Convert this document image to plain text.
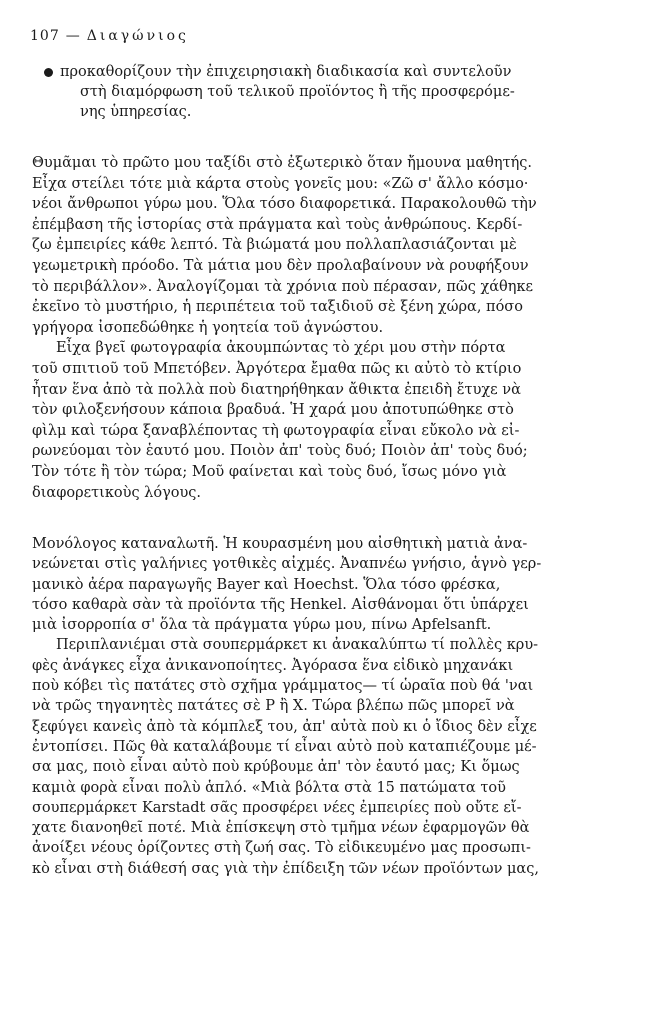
107 — Διαγώνιος
προκαθορίζουν τὴν ἐπιχειρησιακὴ διαδικασία καὶ συντελοῦν
στὴ διαμόρφωση τοῦ τελικοῦ προϊόντος ἢ τῆς προσφερόμε-
νης ὑπηρεσίας.
Θυμᾶμαι τὸ πρῶτο μου ταξίδι στὸ ἐξωτερικὸ ὅταν ἤμουνα μαθητής.
Εἶχα στείλει τότε μιὰ κάρτα στοὺς γονεῖς μου: «Ζῶ σ' ἄλλο κόσμο·
νέοι ἄνθρωποι γύρω μου. Ὅλα τόσο διαφορετικά. Παρακολουθῶ τὴν
ἐπέμβαση τῆς ἱστορίας στὰ πράγματα καὶ τοὺς ἀνθρώπους. Κερδί-
ζω ἐμπειρίες κάθε λεπτό. Τὰ βιώματά μου πολλαπλασιάζονται μὲ
γεωμετρικὴ πρόοδο. Τὰ μάτια μου δὲν προλαβαίνουν νὰ ρουφήξουν
τὸ περιβάλλον». Ἀναλογίζομαι τὰ χρόνια ποὺ πέρασαν, πῶς χάθηκε
ἐκεῖνο τὸ μυστήριο, ἡ περιπέτεια τοῦ ταξιδιοῦ σὲ ξένη χώρα, πόσο
γρήγορα ἰσοπεδώθηκε ἡ γοητεία τοῦ ἀγνώστου.
Εἶχα βγεῖ φωτογραφία ἀκουμπώντας τὸ χέρι μου στὴν πόρτα
τοῦ σπιτιοῦ τοῦ Μπετόβεν. Ἀργότερα ἔμαθα πῶς κι αὐτὸ τὸ κτίριο
ἦταν ἕνα ἀπὸ τὰ πολλὰ ποὺ διατηρήθηκαν ἄθικτα ἐπειδὴ ἔτυχε νὰ
τὸν φιλοξενήσουν κάποια βραδυά. Ἡ χαρά μου ἀποτυπώθηκε στὸ
φὶλμ καὶ τώρα ξαναβλέποντας τὴ φωτογραφία εἶναι εὔκολο νὰ εἰ-
ρωνεύομαι τὸν ἑαυτό μου. Ποιὸν ἀπ' τοὺς δυό; Ποιὸν ἀπ' τοὺς δυό;
Τὸν τότε ἢ τὸν τώρα; Μοῦ φαίνεται καὶ τοὺς δυό, ἴσως μόνο γιὰ
διαφορετικοὺς λόγους.
Μονόλογος καταναλωτῆ. Ἡ κουρασμένη μου αἰσθητικὴ ματιὰ ἀνα-
νεώνεται στὶς γαλήνιες γοτθικὲς αἰχμές. Ἀναπνέω γνήσιο, ἁγνὸ γερ-
μανικὸ ἀέρα παραγωγῆς Bayer καὶ Hoechst. Ὅλα τόσο φρέσκα,
τόσο καθαρὰ σὰν τὰ προϊόντα τῆς Henkel. Αἰσθάνομαι ὅτι ὑπάρχει
μιὰ ἰσορροπία σ' ὅλα τὰ πράγματα γύρω μου, πίνω Apfelsanft.
Περιπλανιέμαι στὰ σουπερμάρκετ κι ἀνακαλύπτω τί πολλὲς κρυ-
φὲς ἀνάγκες εἶχα ἀνικανοποίητες. Ἀγόρασα ἕνα εἰδικὸ μηχανάκι
ποὺ κόβει τὶς πατάτες στὸ σχῆμα γράμματος— τί ὡραῖα ποὺ θά 'ναι
νὰ τρῶς τηγανητὲς πατάτες σὲ Ρ ἢ Χ. Τώρα βλέπω πῶς μπορεῖ νὰ
ξεφύγει κανεὶς ἀπὸ τὰ κόμπλεξ του, ἀπ' αὐτὰ ποὺ κι ὁ ἴδιος δὲν εἶχε
ἐντοπίσει. Πῶς θὰ καταλάβουμε τί εἶναι αὐτὸ ποὺ καταπιέζουμε μέ-
σα μας, ποιὸ εἶναι αὐτὸ ποὺ κρύβουμε ἀπ' τὸν ἑαυτό μας; Κι ὅμως
καμιὰ φορὰ εἶναι πολὺ ἁπλό. «Μιὰ βόλτα στὰ 15 πατώματα τοῦ
σουπερμάρκετ Karstadt σᾶς προσφέρει νέες ἐμπειρίες ποὺ οὔτε εἴ-
χατε διανοηθεῖ ποτέ. Μιὰ ἐπίσκεψη στὸ τμῆμα νέων ἐφαρμογῶν θὰ
ἀνοίξει νέους ὁρίζοντες στὴ ζωή σας. Τὸ εἰδικευμένο μας προσωπι-
κὸ εἶναι στὴ διάθεσή σας γιὰ τὴν ἐπίδειξη τῶν νέων προϊόντων μας,
